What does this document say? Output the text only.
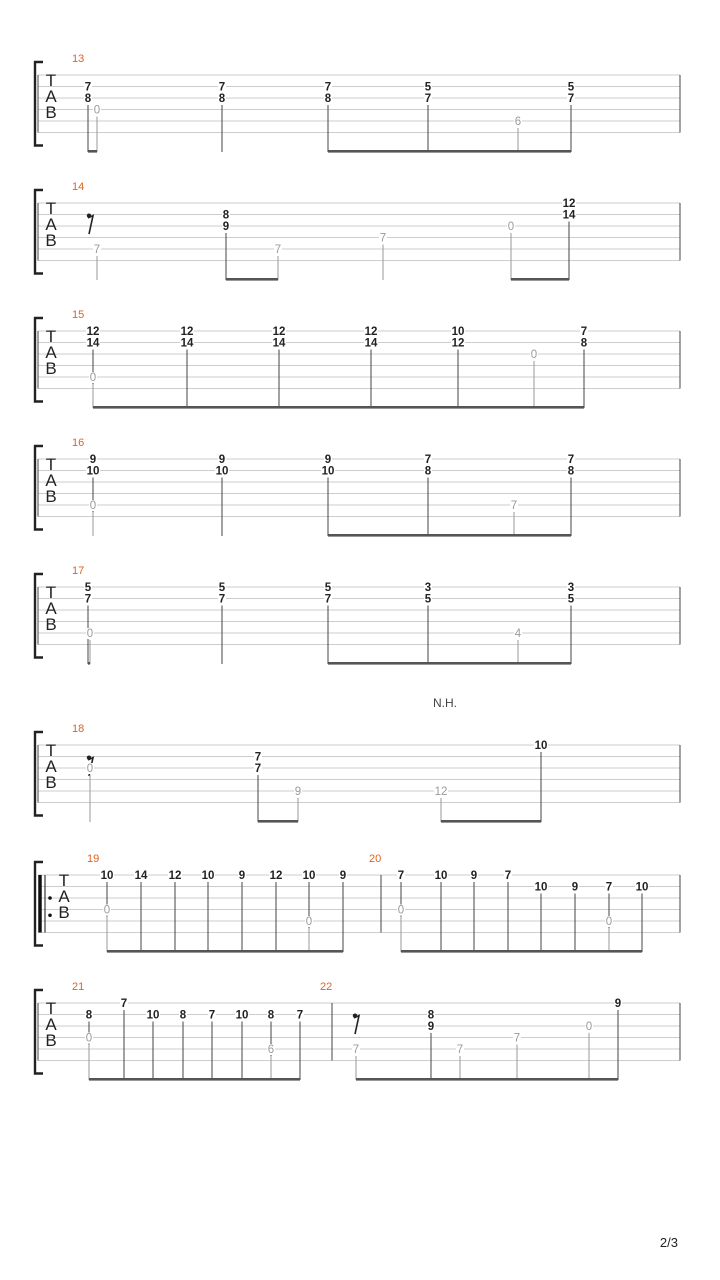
T
A
B
13
7
8
0
7
8
7
8
5
7
6
5
7
T
A
B
14
7
8
9
7
7
0
12
14
T
A
B
15
12
14
0
12
14
12
14
12
14
10
12
0
7
8
T
A
B
16
9
10
0
9
10
9
10
7
8
7
7
8
T
A
B
17
5
7
0
5
7
5
7
3
5
4
3
5
T
A
B
N.H.
18
0
7
7
9	12
10
T
A
B
19
10
0
14 12 10 9 12 10
0
9
20
7
0
10 9 7
10 9 7
0
10
T
A
B
21
8
0
7
10 8 7 10 8
6
7
22
7
8
9
7
7
0
9
2/3
